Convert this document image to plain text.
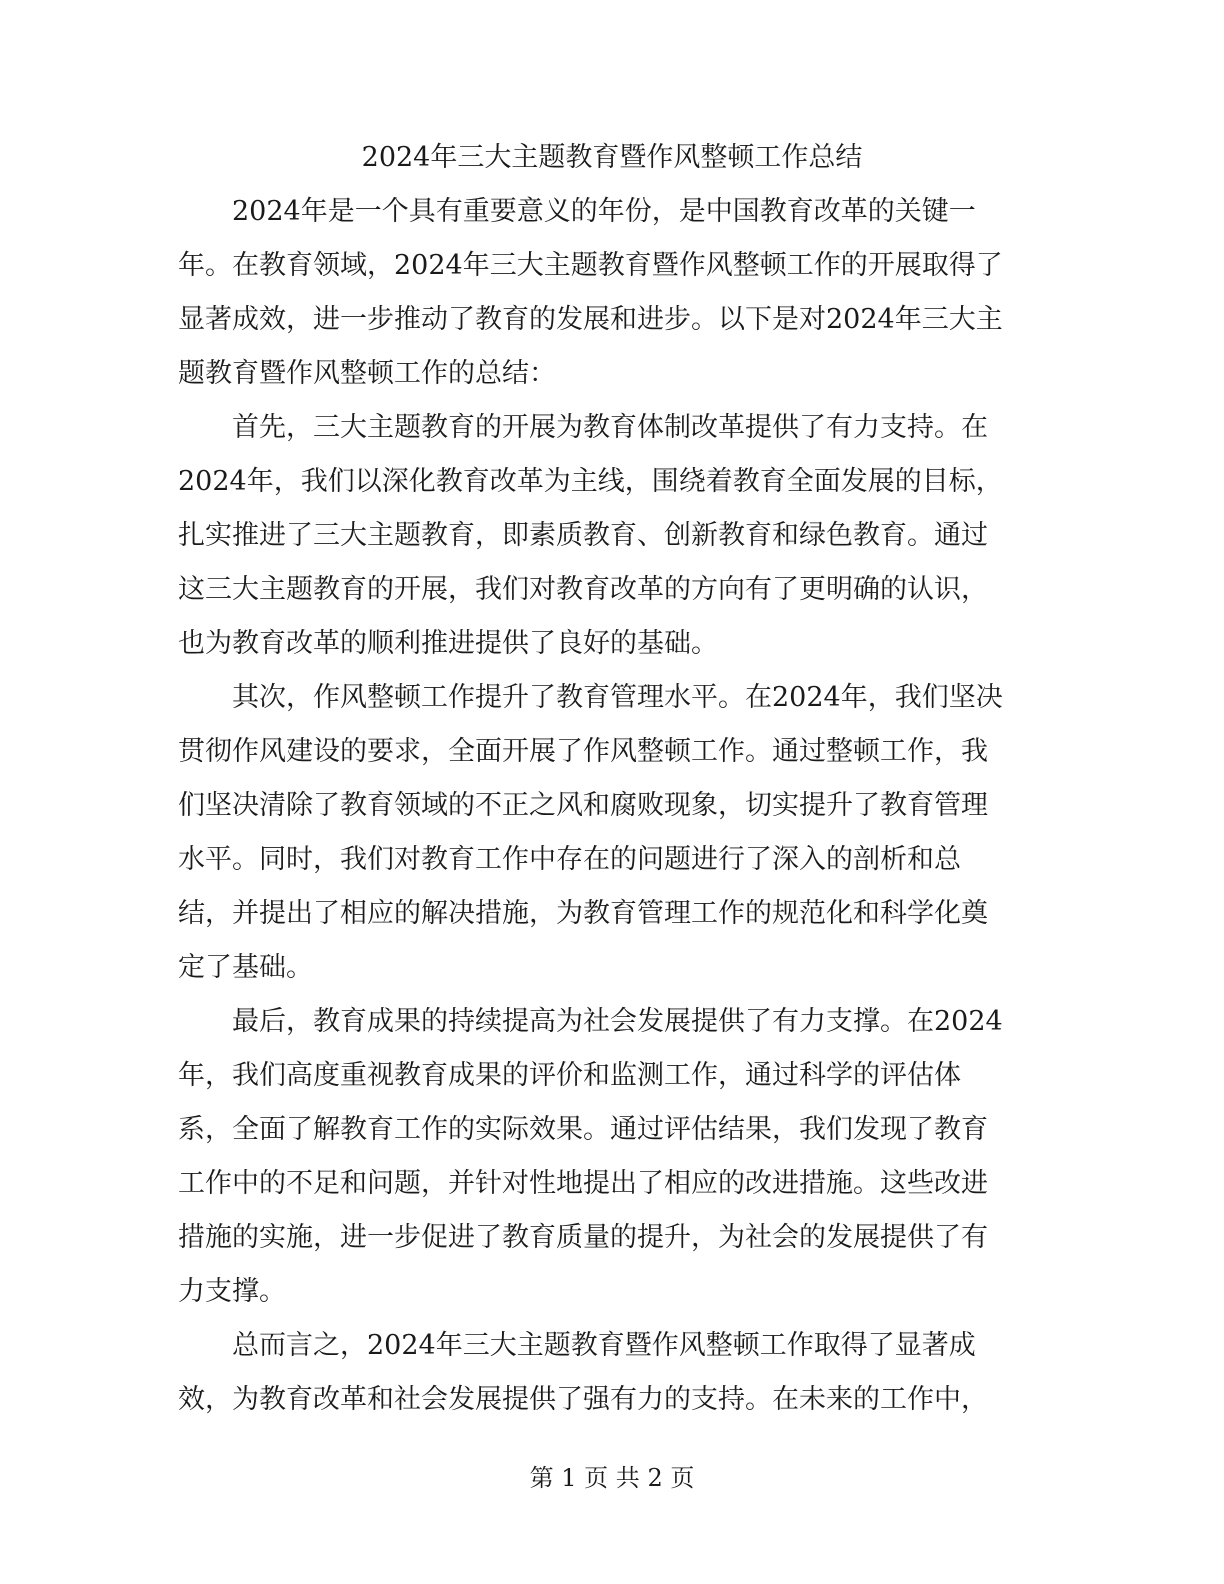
2024年三大主题教育暨作风整顿工作总结

　　2024年是一个具有重要意义的年份，是中国教育改革的关键一

年。在教育领域，2024年三大主题教育暨作风整顿工作的开展取得了

显著成效，进一步推动了教育的发展和进步。以下是对2024年三大主

题教育暨作风整顿工作的总结：

　　首先，三大主题教育的开展为教育体制改革提供了有力支持。在

2024年，我们以深化教育改革为主线，围绕着教育全面发展的目标，

扎实推进了三大主题教育，即素质教育、创新教育和绿色教育。通过

这三大主题教育的开展，我们对教育改革的方向有了更明确的认识，

也为教育改革的顺利推进提供了良好的基础。

　　其次，作风整顿工作提升了教育管理水平。在2024年，我们坚决

贯彻作风建设的要求，全面开展了作风整顿工作。通过整顿工作，我

们坚决清除了教育领域的不正之风和腐败现象，切实提升了教育管理

水平。同时，我们对教育工作中存在的问题进行了深入的剖析和总

结，并提出了相应的解决措施，为教育管理工作的规范化和科学化奠

定了基础。

　　最后，教育成果的持续提高为社会发展提供了有力支撑。在2024

年，我们高度重视教育成果的评价和监测工作，通过科学的评估体

系，全面了解教育工作的实际效果。通过评估结果，我们发现了教育

工作中的不足和问题，并针对性地提出了相应的改进措施。这些改进

措施的实施，进一步促进了教育质量的提升，为社会的发展提供了有

力支撑。

　　总而言之，2024年三大主题教育暨作风整顿工作取得了显著成

效，为教育改革和社会发展提供了强有力的支持。在未来的工作中，

第 1 页 共 2 页
